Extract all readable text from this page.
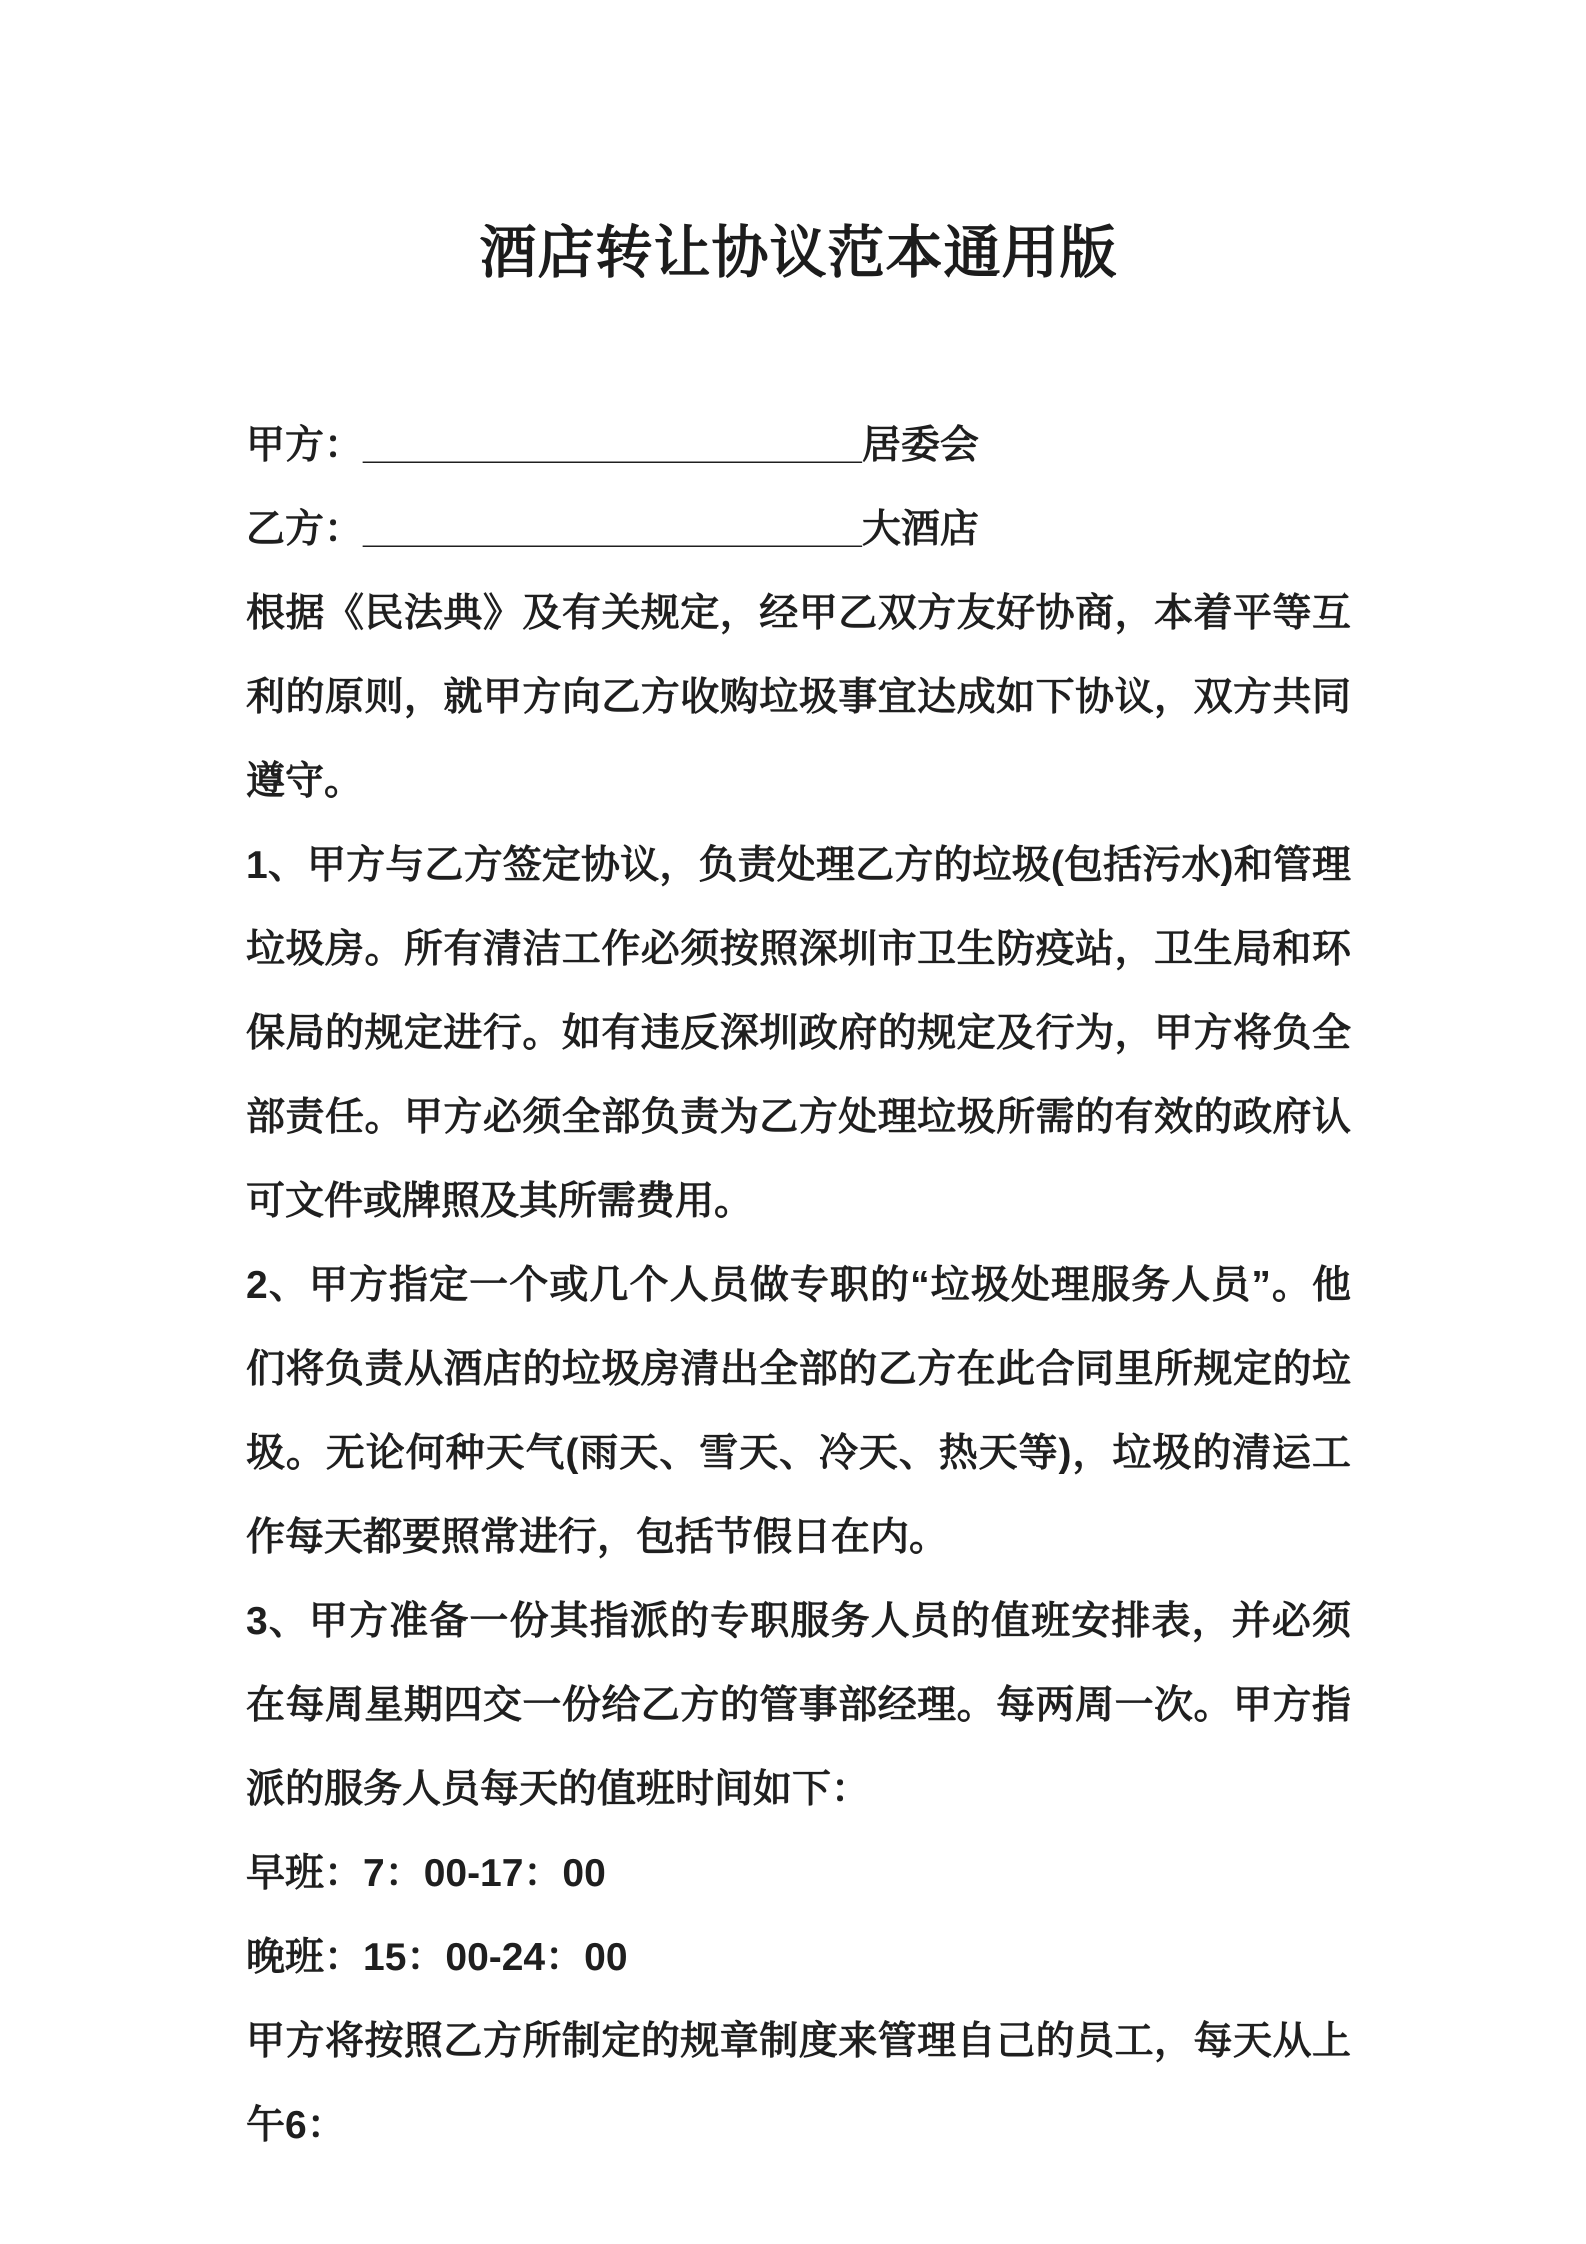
酒店转让协议范本通用版

甲方：_______________________居委会

乙方：_______________________大酒店

根据《民法典》及有关规定，经甲乙双方友好协商，本着平等互利的原则，就甲方向乙方收购垃圾事宜达成如下协议，双方共同遵守。

1、甲方与乙方签定协议，负责处理乙方的垃圾(包括污水)和管理垃圾房。所有清洁工作必须按照深圳市卫生防疫站，卫生局和环保局的规定进行。如有违反深圳政府的规定及行为，甲方将负全部责任。甲方必须全部负责为乙方处理垃圾所需的有效的政府认可文件或牌照及其所需费用。

2、甲方指定一个或几个人员做专职的“垃圾处理服务人员”。他们将负责从酒店的垃圾房清出全部的乙方在此合同里所规定的垃圾。无论何种天气(雨天、雪天、冷天、热天等)，垃圾的清运工作每天都要照常进行，包括节假日在内。

3、甲方准备一份其指派的专职服务人员的值班安排表，并必须在每周星期四交一份给乙方的管事部经理。每两周一次。甲方指派的服务人员每天的值班时间如下：

早班：7：00-17：00

晚班：15：00-24：00

甲方将按照乙方所制定的规章制度来管理自己的员工，每天从上午6：
